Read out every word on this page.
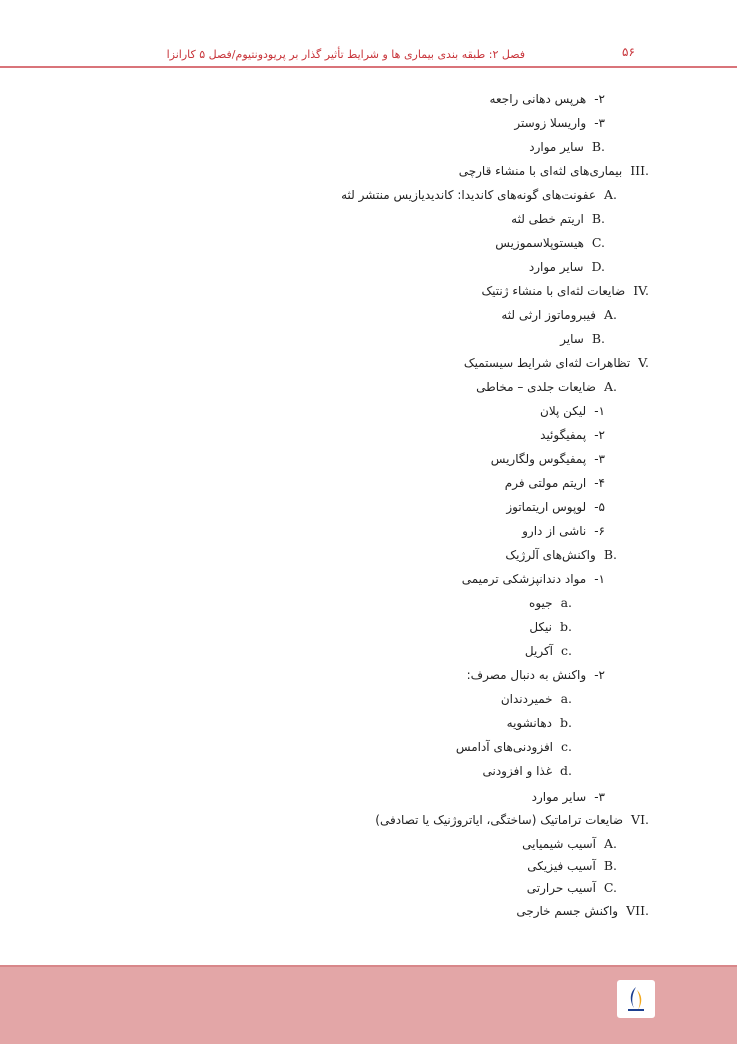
فصل ۲: طبقه بندی بیماری ها و شرایط تأثیر گذار بر پریودونتیوم/فصل ۵ کارانزا	۵۶
۲-هرپس دهانی راجعه
۳-واریسلا زوستر
B.سایر موارد
III.بیماری‌های لثه‌ای با منشاء قارچی
A.عفونت‌های گونه‌های کاندیدا: کاندیدیازیس منتشر لثه
B.اریتم خطی لثه
C.هیستوپلاسموزیس
D.سایر موارد
IV.ضایعات لثه‌ای با منشاء ژنتیک
A.فیبروماتوز ارثی لثه
B.سایر
V.تظاهرات لثه‌ای شرایط سیستمیک
A.ضایعات جلدی – مخاطی
۱-لیکن پلان
۲-پمفیگوئید
۳-پمفیگوس ولگاریس
۴-اریتم مولتی فرم
۵-لوپوس اریتماتوز
۶-ناشی از دارو
B.واکنش‌های آلرژیک
۱-مواد دندانپزشکی ترمیمی
a.جیوه
b.نیکل
c.آکریل
۲-واکنش به دنبال مصرف:
a.خمیردندان
b.دهانشویه
c.افزودنی‌های آدامس
d.غذا و افزودنی
۳-سایر موارد
VI.ضایعات تراماتیک (ساختگی، ایاتروژنیک یا تصادفی)
A.آسیب شیمیایی
B.آسیب فیزیکی
C.آسیب حرارتی
VII.واکنش جسم خارجی
